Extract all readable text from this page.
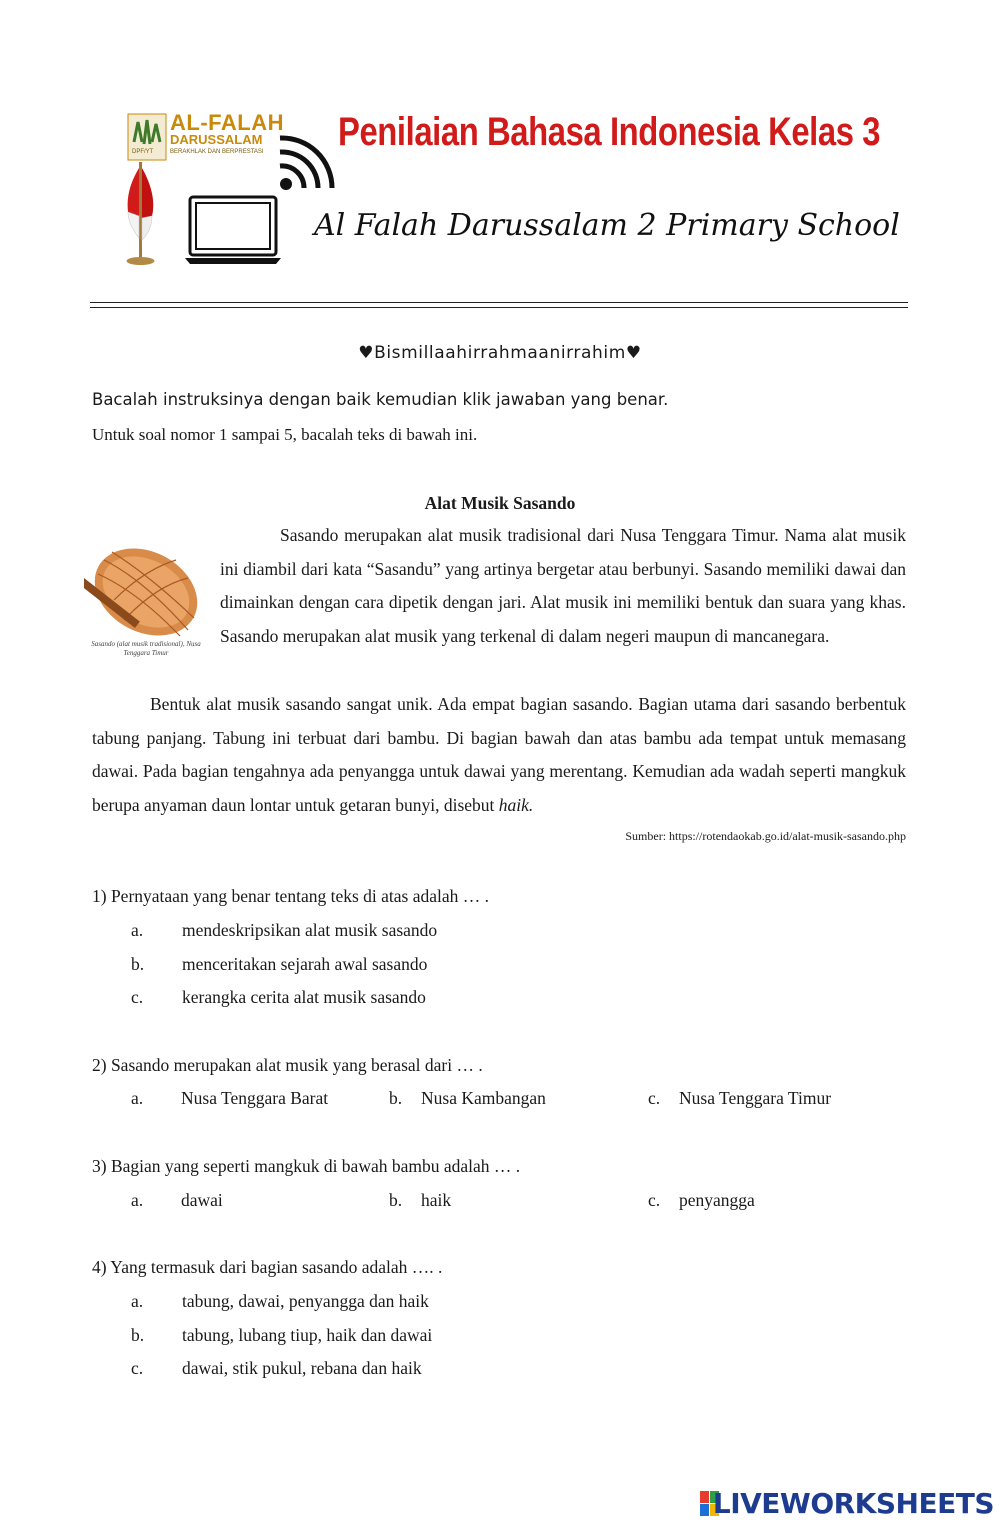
AL-FALAH
DARUSSALAM
BERAKHLAK DAN BERPRESTASI
DPF/YT	Penilaian Bahasa Indonesia Kelas 3
Al Falah Darussalam 2 Primary School
♥Bismillaahirrahmaanirrahim♥
Bacalah instruksinya dengan baik kemudian klik jawaban yang benar.
Untuk soal nomor 1 sampai 5, bacalah teks di bawah ini.
Alat Musik Sasando
Sasando (alat musik tradisional), Nusa Tenggara Timur
Sasando merupakan alat musik tradisional dari Nusa Tenggara Timur. Nama alat musik ini diambil dari kata “Sasandu” yang artinya bergetar atau berbunyi. Sasando memiliki dawai dan dimainkan dengan cara dipetik dengan jari. Alat musik ini memiliki bentuk dan suara yang khas. Sasando merupakan alat musik yang terkenal di dalam negeri maupun di mancanegara.
Bentuk alat musik sasando sangat unik. Ada empat bagian sasando. Bagian utama dari sasando berbentuk tabung panjang. Tabung ini terbuat dari bambu. Di bagian bawah dan atas bambu ada tempat untuk memasang dawai. Pada bagian tengahnya ada penyangga untuk dawai yang merentang. Kemudian ada wadah seperti mangkuk berupa anyaman daun lontar untuk getaran bunyi, disebut haik.
Sumber: https://rotendaokab.go.id/alat-musik-sasando.php
1) Pernyataan yang benar tentang teks di atas adalah … .
a. mendeskripsikan alat musik sasando
b. menceritakan sejarah awal sasando
c. kerangka cerita alat musik sasando
2) Sasando merupakan alat musik yang berasal dari … .
a. Nusa Tenggara Barat	b. Nusa Kambangan	c. Nusa Tenggara Timur
3) Bagian yang seperti mangkuk di bawah bambu adalah … .
a. dawai	b. haik	c. penyangga
4) Yang termasuk dari bagian sasando adalah …. .
a. tabung, dawai, penyangga dan haik
b. tabung, lubang tiup, haik dan dawai
c. dawai, stik pukul, rebana dan haik
LIVEWORKSHEETS
